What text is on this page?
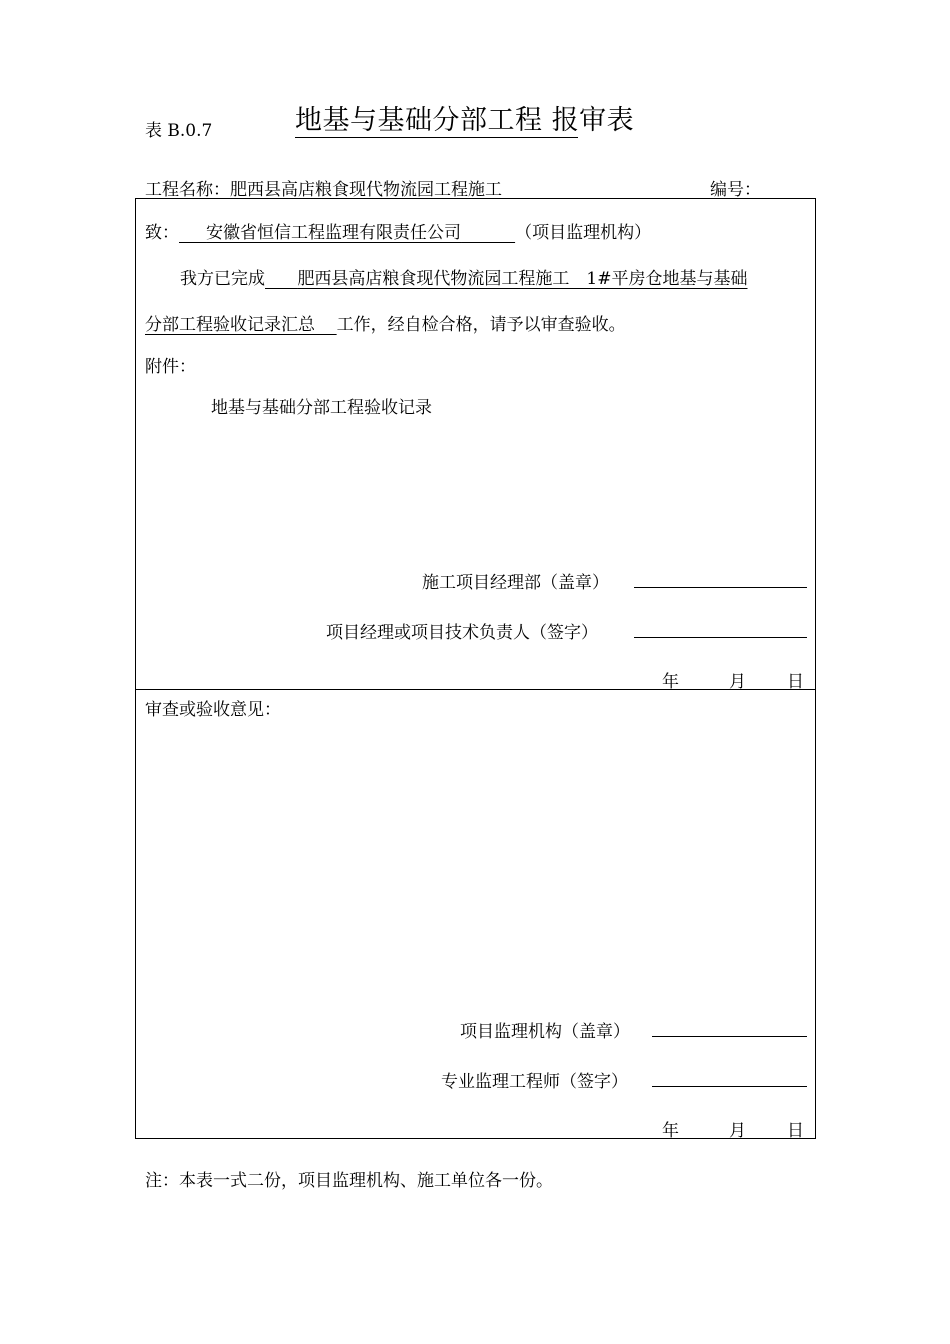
表 B.0.7	地基与基础分部工程 报审表
工程名称：肥西县高店粮食现代物流园工程施工	编号：
致： 安徽省恒信工程监理有限责任公司	（项目监理机构）
我方已完成 肥西县高店粮食现代物流园工程施工　1#平房仓地基与基础
分部工程验收记录汇总 工作，经自检合格，请予以审查验收。
附件：
地基与基础分部工程验收记录
施工项目经理部（盖章）
项目经理或项目技术负责人（签字）
年	月 日
审查或验收意见：
项目监理机构（盖章）
专业监理工程师（签字）
年	月 日
注：本表一式二份，项目监理机构、施工单位各一份。
